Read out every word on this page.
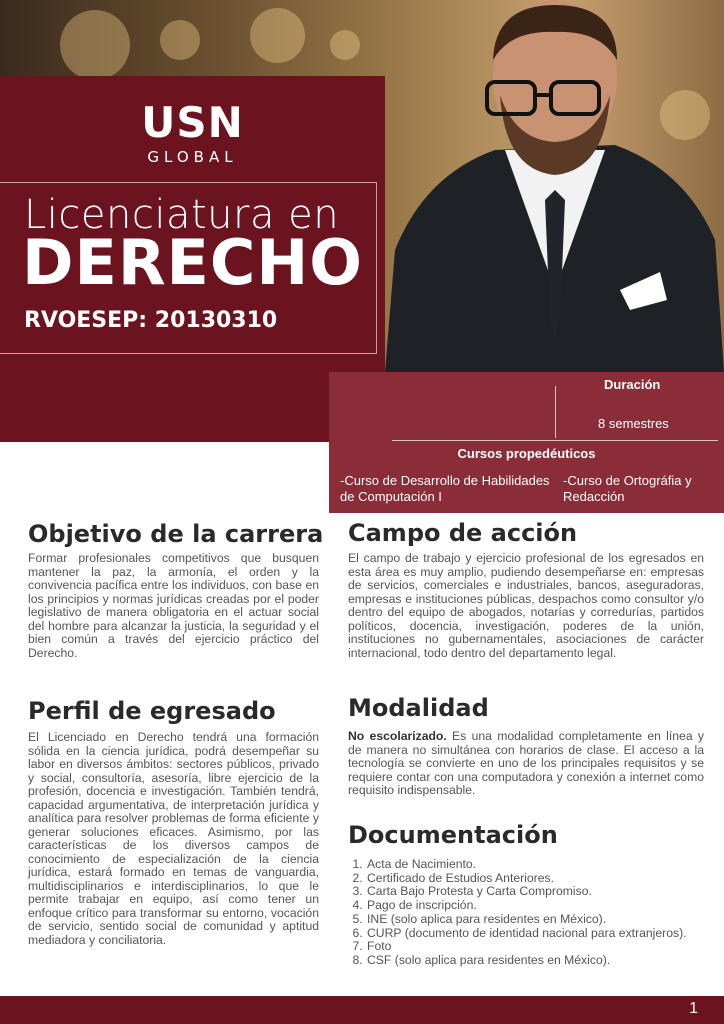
USN
GLOBAL
Licenciatura en
DERECHO
RVOESEP: 20130310
Duración
8 semestres
Cursos propedéuticos
-Curso de Desarrollo de Habilidades de Computación I
-Curso de Ortográfia y Redacción
Objetivo de la carrera
Formar profesionales competitivos que busquen mantener la paz, la armonía, el orden y la convivencia pacífica entre los individuos, con base en los principios y normas jurídicas creadas por el poder legislativo de manera obligatoria en el actuar social del hombre para alcanzar la justicia, la seguridad y el bien común a través del ejercicio práctico del Derecho.
Perfil de egresado
El Licenciado en Derecho tendrá una formación sólida en la ciencia jurídica, podrá desempeñar su labor en diversos ámbitos: sectores públicos, privado y social, consultoría, asesoría, libre ejercicio de la profesión, docencia e investigación. También tendrá, capacidad argumentativa, de interpretación jurídica y analítica para resolver problemas de forma eficiente y generar soluciones eficaces. Asimismo, por las características de los diversos campos de conocimiento de especialización de la ciencia jurídica, estará formado en temas de vanguardia, multidisciplinarios e interdisciplinarios, lo que le permite trabajar en equipo, así como tener un enfoque crítico para transformar su entorno, vocación de servicio, sentido social de comunidad y aptitud mediadora y conciliatoria.
Campo de acción
El campo de trabajo y ejercicio profesional de los egresados en esta área es muy amplio, pudiendo desempeñarse en: empresas de servicios, comerciales e industriales, bancos, aseguradoras, empresas e instituciones públicas, despachos como consultor y/o dentro del equipo de abogados, notarías y corredurías, partidos políticos, docencia, investigación, poderes de la unión, instituciones no gubernamentales, asociaciones de carácter internacional, todo dentro del departamento legal.
Modalidad
No escolarizado. Es una modalidad completamente en línea y de manera no simultánea con horarios de clase. El acceso a la tecnología se convierte en uno de los principales requisitos y se requiere contar con una computadora y conexión a internet como requisito indispensable.
Documentación
1. Acta de Nacimiento.
2. Certificado de Estudios Anteriores.
3. Carta Bajo Protesta y Carta Compromiso.
4. Pago de inscripción.
5. INE (solo aplica para residentes en México).
6. CURP (documento de identidad nacional para extranjeros).
7. Foto
8. CSF (solo aplica para residentes en México).
1
